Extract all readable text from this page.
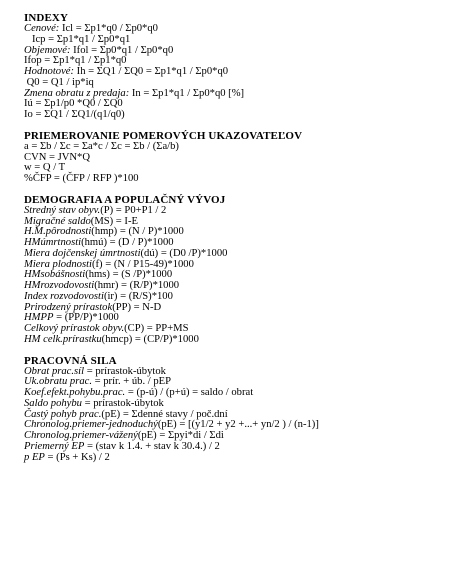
INDEXY

Cenové: Icl = Σp1*q0 / Σp0*q0

Icp = Σp1*q1 / Σp0*q1

Objemové: Ifol = Σp0*q1 / Σp0*q0

Ifop = Σp1*q1 / Σp1*q0

Hodnotové: Ih = ΣQ1 / ΣQ0 = Σp1*q1 / Σp0*q0

Q0 = Q1 / ip*iq

Zmena obratu z predaja: In = Σp1*q1 / Σp0*q0 [%]

Iú = Σp1/p0 *Q0 / ΣQ0

Io = ΣQ1 / ΣQ1/(q1/q0)

PRIEMEROVANIE POMEROVÝCH UKAZOVATEĽOV

a = Σb / Σc = Σa*c / Σc = Σb / (Σa/b)

CVN = JVN*Q

w = Q / T

%ČFP = (ČFP / RFP )*100

DEMOGRAFIA A POPULAČNÝ VÝVOJ

Stredný stav obyv.(P) = P0+P1 / 2

Migračné saldo(MS) = I-E

H.M.pôrodnosti(hmp) = (N / P)*1000

HMúmrtnosti(hmú) = (D / P)*1000

Miera dojčenskej úmrtnosti(dú) = (D0 /P)*1000

Miera plodnosti(f) = (N / P15-49)*1000

HMsobášnosti(hms) = (S /P)*1000

HMrozvodovosti(hmr) = (R/P)*1000

Index rozvodovosti(ir) = (R/S)*100

Prirodzený prírastok(PP) = N-D

HMPP = (PP/P)*1000

Celkový prírastok obyv.(CP) = PP+MS

HM celk.prírastku(hmcp) = (CP/P)*1000

PRACOVNÁ SILA

Obrat prac.síl = prírastok-úbytok

Uk.obratu prac. = prír. + úb. / pEP

Koef.efekt.pohybu.prac. = (p-ú) / (p+ú) = saldo / obrat

Saldo pohybu = prírastok-úbytok

Častý pohyb prac.(pE) = Σdenné stavy / poč.dní

Chronolog.priemer-jednoduchý(pE) = [(y1/2 + y2 +...+ yn/2 ) / (n-1)]

Chronolog.priemer-vážený(pE) = Σpyi*di / Σdi

Priemerný EP = (stav k 1.4. + stav k 30.4.) / 2

p EP = (Ps + Ks) / 2
